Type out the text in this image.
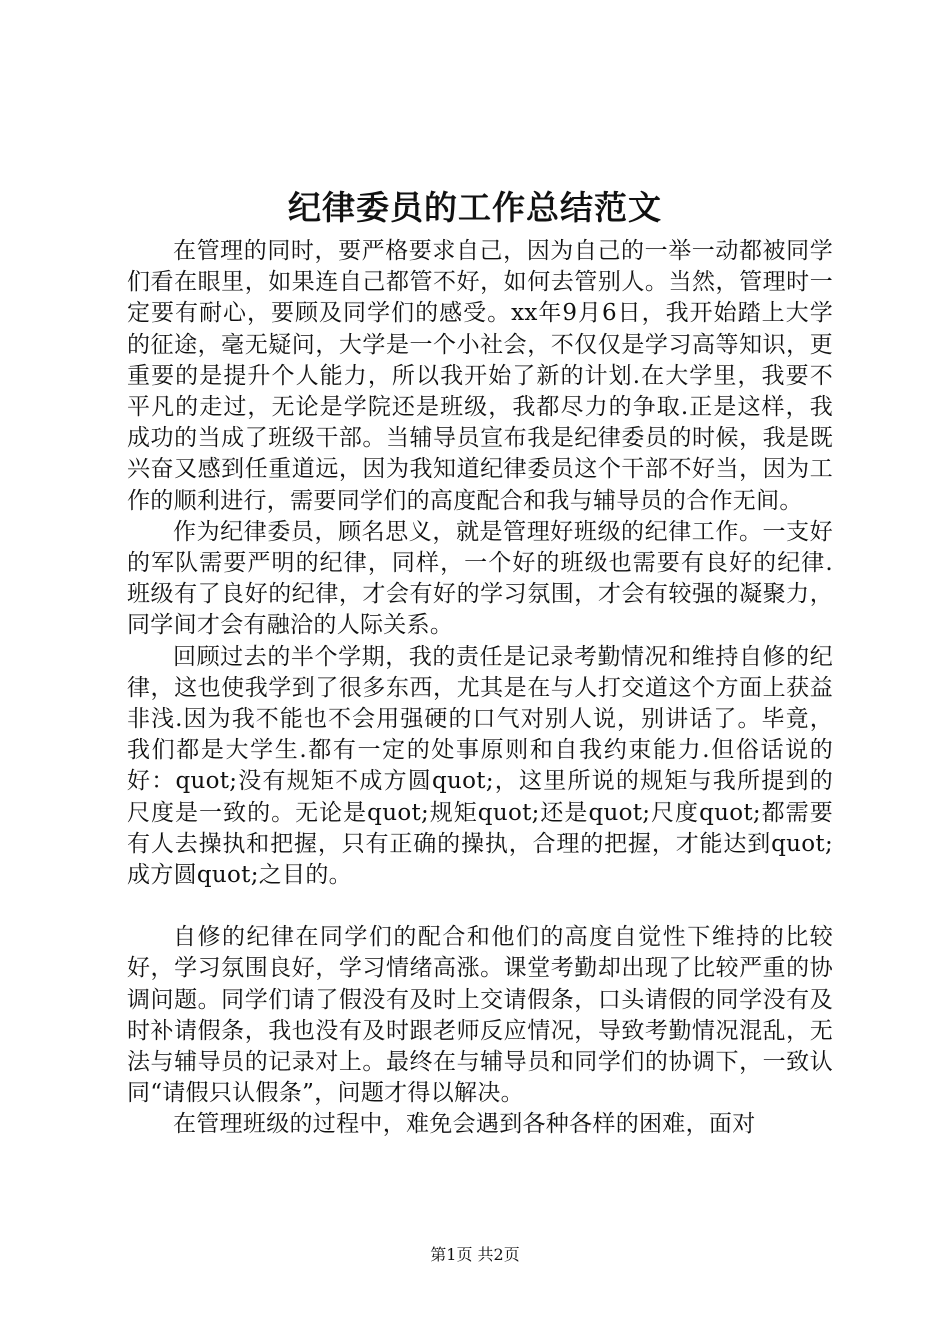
纪律委员的工作总结范文

在管理的同时，要严格要求自己，因为自己的一举一动都被同学们看在眼里，如果连自己都管不好，如何去管别人。当然，管理时一定要有耐心，要顾及同学们的感受。xx年9月6日，我开始踏上大学的征途，毫无疑问，大学是一个小社会，不仅仅是学习高等知识，更重要的是提升个人能力，所以我开始了新的计划.在大学里，我要不平凡的走过，无论是学院还是班级，我都尽力的争取.正是这样，我成功的当成了班级干部。当辅导员宣布我是纪律委员的时候，我是既兴奋又感到任重道远，因为我知道纪律委员这个干部不好当，因为工作的顺利进行，需要同学们的高度配合和我与辅导员的合作无间。

作为纪律委员，顾名思义，就是管理好班级的纪律工作。一支好的军队需要严明的纪律，同样，一个好的班级也需要有良好的纪律.班级有了良好的纪律，才会有好的学习氛围，才会有较强的凝聚力，同学间才会有融洽的人际关系。

回顾过去的半个学期，我的责任是记录考勤情况和维持自修的纪律，这也使我学到了很多东西，尤其是在与人打交道这个方面上获益非浅.因为我不能也不会用强硬的口气对别人说，别讲话了。毕竟，我们都是大学生.都有一定的处事原则和自我约束能力.但俗话说的好：quot;没有规矩不成方圆quot;，这里所说的规矩与我所提到的尺度是一致的。无论是quot;规矩quot;还是quot;尺度quot;都需要有人去操执和把握，只有正确的操执，合理的把握，才能达到quot;成方圆quot;之目的。

自修的纪律在同学们的配合和他们的高度自觉性下维持的比较好，学习氛围良好，学习情绪高涨。课堂考勤却出现了比较严重的协调问题。同学们请了假没有及时上交请假条，口头请假的同学没有及时补请假条，我也没有及时跟老师反应情况，导致考勤情况混乱，无法与辅导员的记录对上。最终在与辅导员和同学们的协调下，一致认同“请假只认假条”，问题才得以解决。

在管理班级的过程中，难免会遇到各种各样的困难，面对

第1页 共2页
